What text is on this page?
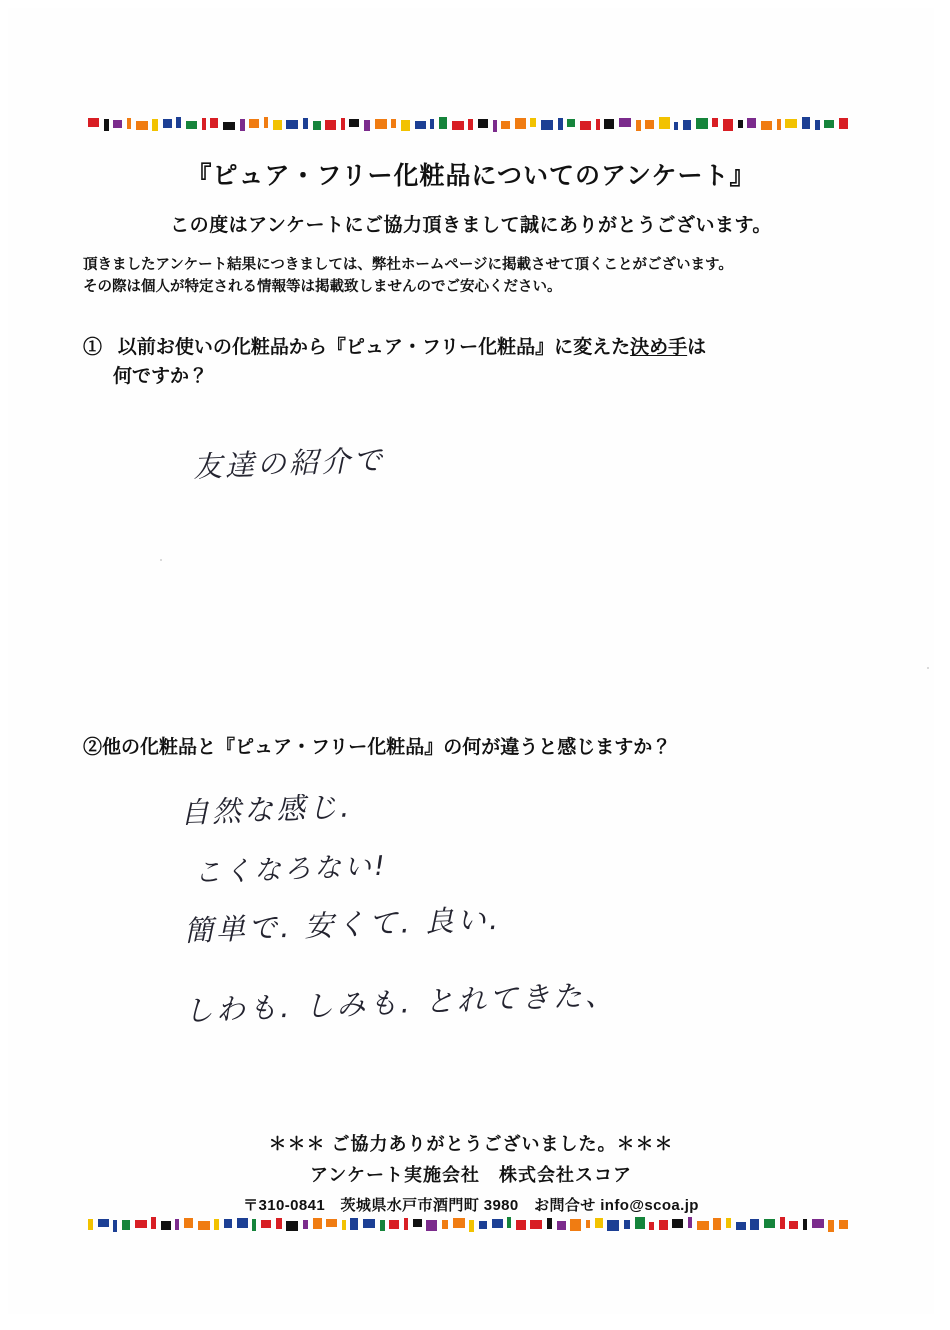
『ピュア・フリー化粧品についてのアンケート』
この度はアンケートにご協力頂きまして誠にありがとうございます。
頂きましたアンケート結果につきましては、弊社ホームページに掲載させて頂くことがございます。
その際は個人が特定される情報等は掲載致しませんのでご安心ください。
① 以前お使いの化粧品から『ピュア・フリー化粧品』に変えた決め手は
何ですか？
友達の紹介で
②他の化粧品と『ピュア・フリー化粧品』の何が違うと感じますか？
自然な感じ.
こくなろない!
簡単で. 安くて. 良い.
しわも. しみも. とれてきた、
＊＊＊ ご協力ありがとうございました。＊＊＊
アンケート実施会社　株式会社スコア
〒310-0841　茨城県水戸市酒門町 3980　お問合せ info@scoa.jp
